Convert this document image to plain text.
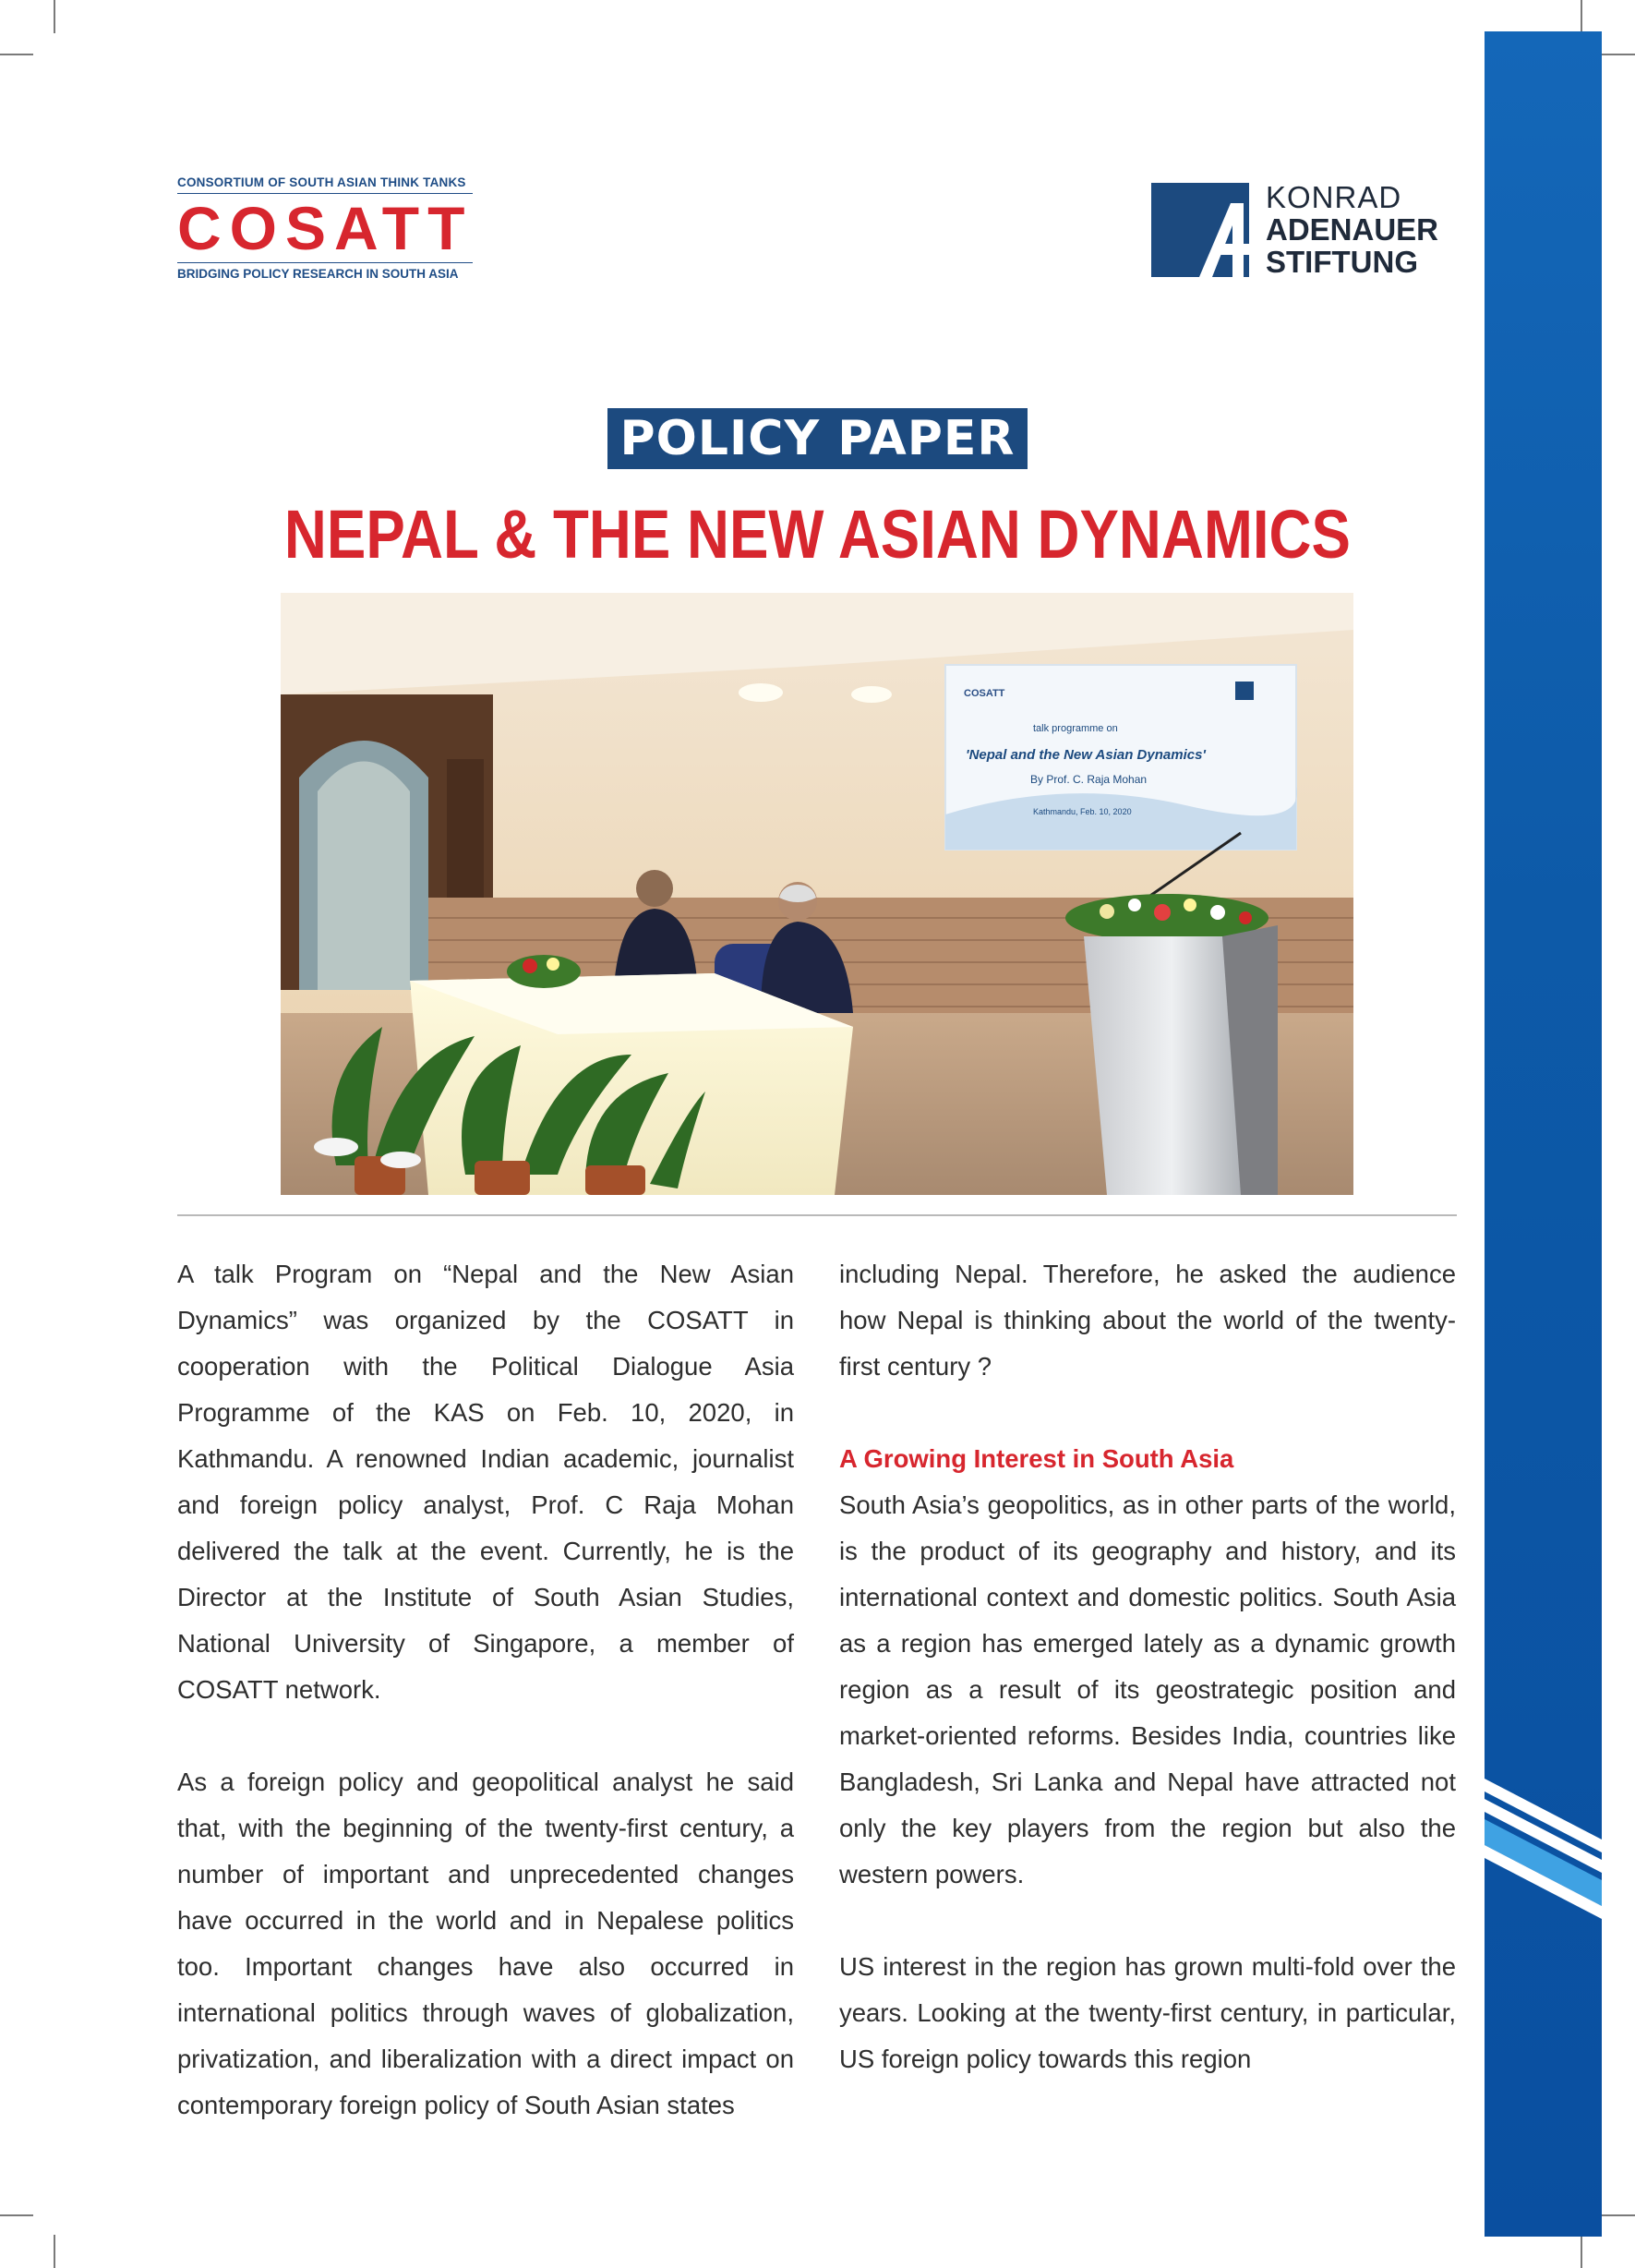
CONSORTIUM OF SOUTH ASIAN THINK TANKS
COSATT
BRIDGING POLICY RESEARCH IN SOUTH ASIA
KONRAD
ADENAUER
STIFTUNG
POLICY PAPER
NEPAL & THE NEW ASIAN DYNAMICS
COSATT
talk programme on
'Nepal and the New Asian Dynamics'
By Prof. C. Raja Mohan
Kathmandu, Feb. 10, 2020

A talk Program on “Nepal and the New Asian Dynamics” was organized by the COSATT in cooperation with the Political Dialogue Asia Programme of the KAS on Feb. 10, 2020, in Kathmandu. A renowned Indian academic, journalist and foreign policy analyst, Prof. C Raja Mohan delivered the talk at the event. Currently, he is the Director at the Institute of South Asian Studies, National University of Singapore, a member of COSATT network.

As a foreign policy and geopolitical analyst he said that, with the beginning of the twenty-first century, a number of important and unprecedented changes have occurred in the world and in Nepalese politics too. Important changes have also occurred in international politics through waves of globalization, privatization, and liberalization with a direct impact on contemporary foreign policy of South Asian states

including Nepal. Therefore, he asked the audience how Nepal is thinking about the world of the twenty-first century ?

A Growing Interest in South Asia

South Asia’s geopolitics, as in other parts of the world, is the product of its geography and history, and its international context and domestic politics. South Asia as a region has emerged lately as a dynamic growth region as a result of its geostrategic position and market-oriented reforms. Besides India, countries like Bangladesh, Sri Lanka and Nepal have attracted not only the key players from the region but also the western powers.

US interest in the region has grown multi-fold over the years. Looking at the twenty-first century, in particular, US foreign policy towards this region
